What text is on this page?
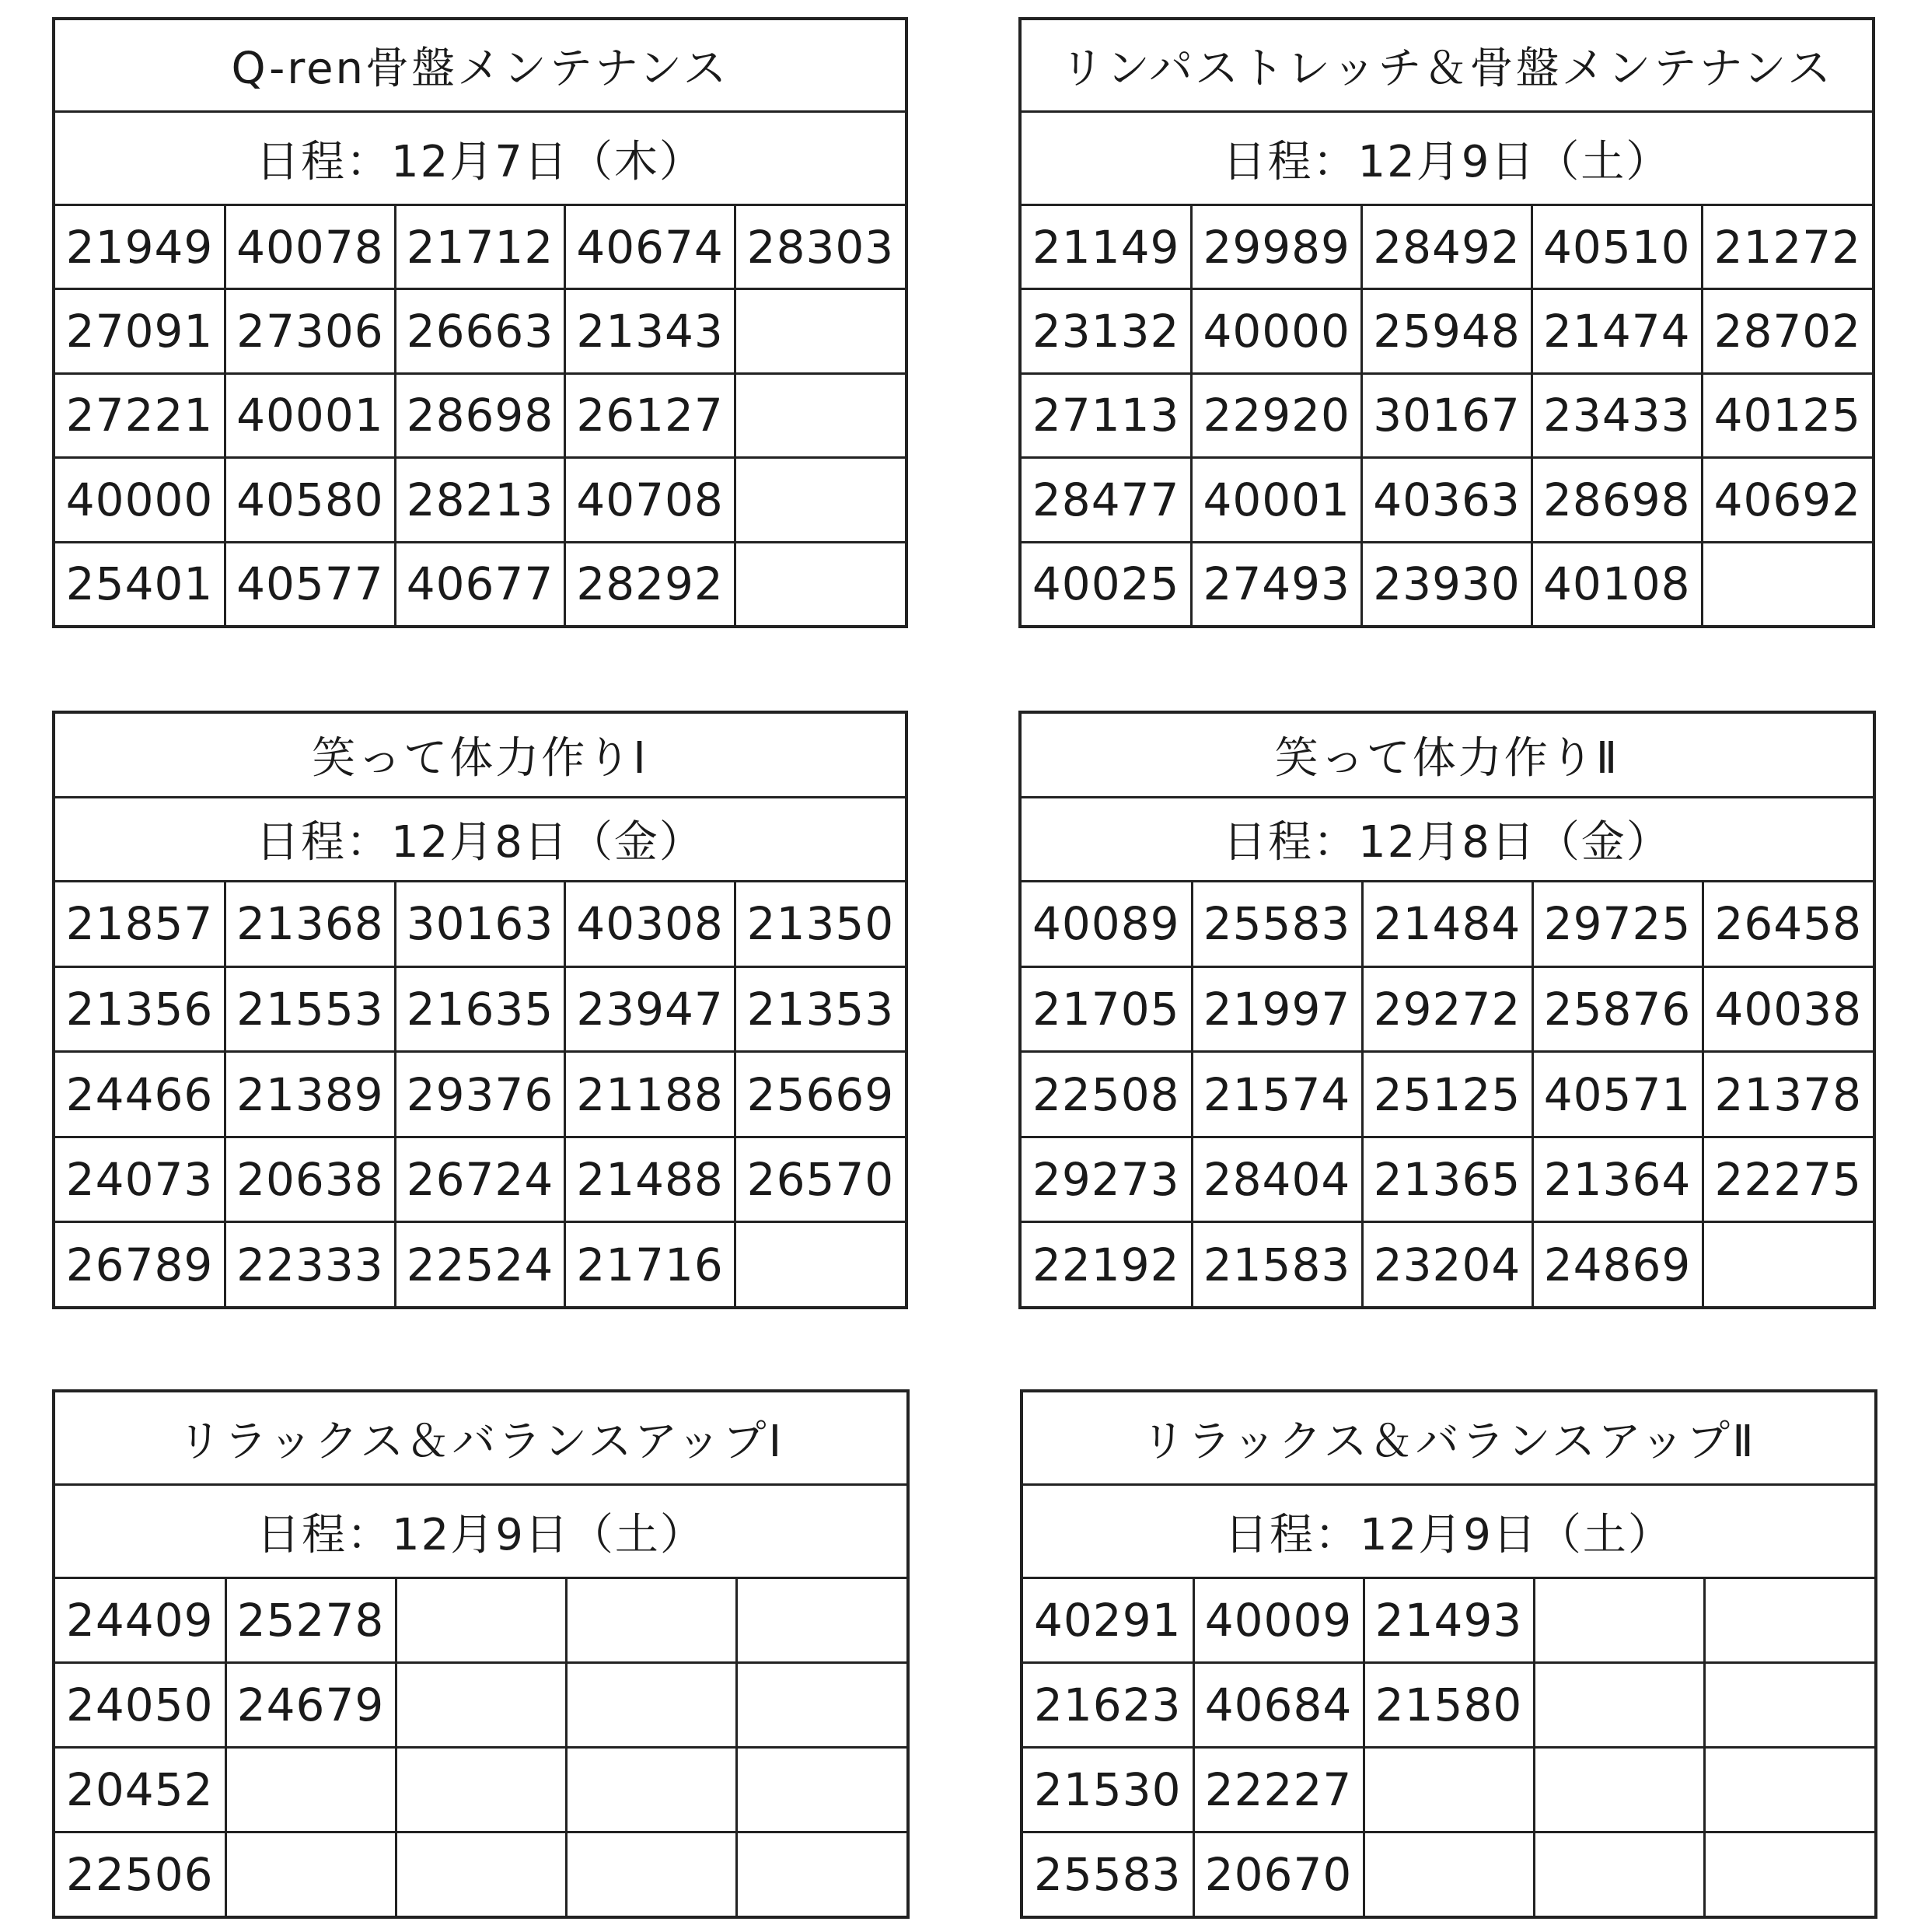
Q-ren骨盤メンテナンス				
日程：12月7日（木）				
21949	40078	21712	40674	28303
27091	27306	26663	21343	
27221	40001	28698	26127	
40000	40580	28213	40708	
25401	40577	40677	28292	
リンパストレッチ＆骨盤メンテナンス				
日程：12月9日（土）				
21149	29989	28492	40510	21272
23132	40000	25948	21474	28702
27113	22920	30167	23433	40125
28477	40001	40363	28698	40692
40025	27493	23930	40108	
笑って体力作りⅠ				
日程：12月8日（金）				
21857	21368	30163	40308	21350
21356	21553	21635	23947	21353
24466	21389	29376	21188	25669
24073	20638	26724	21488	26570
26789	22333	22524	21716	
笑って体力作りⅡ				
日程：12月8日（金）				
40089	25583	21484	29725	26458
21705	21997	29272	25876	40038
22508	21574	25125	40571	21378
29273	28404	21365	21364	22275
22192	21583	23204	24869	
リラックス＆バランスアップⅠ				
日程：12月9日（土）				
24409	25278			
24050	24679			
20452				
22506				
リラックス＆バランスアップⅡ				
日程：12月9日（土）				
40291	40009	21493		
21623	40684	21580		
21530	22227			
25583	20670			
